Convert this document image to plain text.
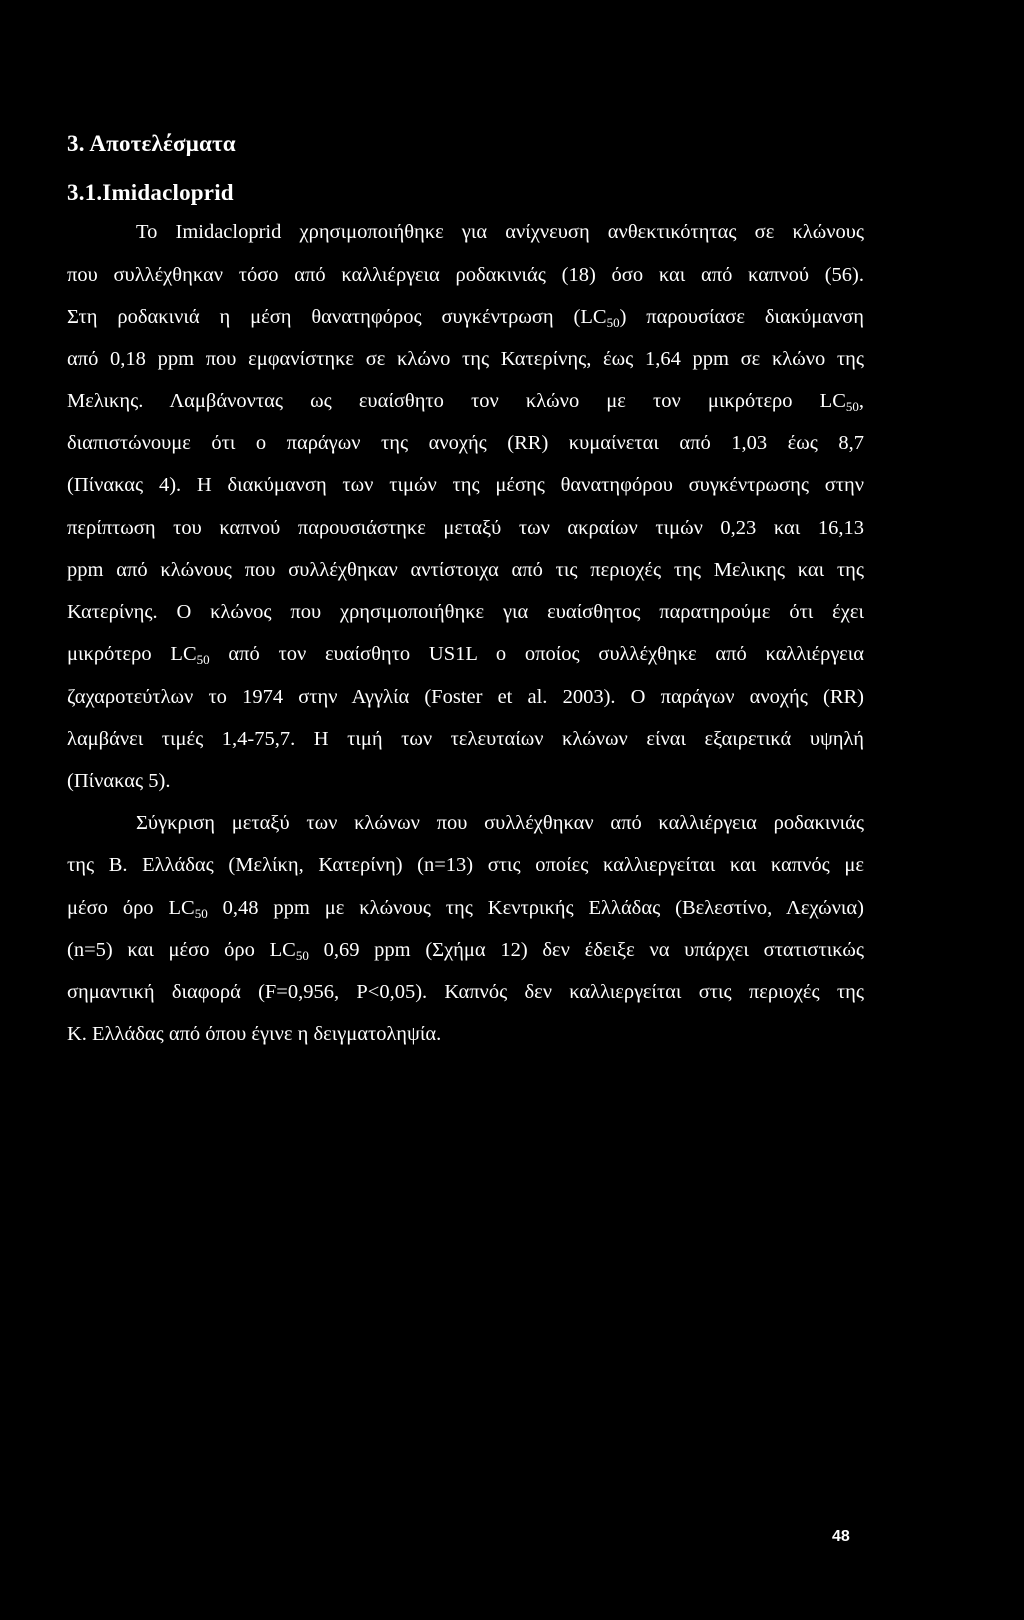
3. Αποτελέσματα
3.1.Imidacloprid
Το Imidacloprid χρησιμοποιήθηκε για ανίχνευση ανθεκτικότητας σε κλώνους
που συλλέχθηκαν τόσο από καλλιέργεια ροδακινιάς (18) όσο και από καπνού (56).
Στη ροδακινιά η μέση θανατηφόρος συγκέντρωση $(LC_{50})$ παρουσίασε διακύμανση
από 0,18 ppm που εμφανίστηκε σε κλώνο της Κατερίνης, έως 1,64 ppm σε κλώνο της
Μελικης. Λαμβάνοντας ως ευαίσθητο τον κλώνο με τον μικρότερο $LC_{50}$,
διαπιστώνουμε ότι ο παράγων της ανοχής (RR) κυμαίνεται από 1,03 έως 8,7
(Πίνακας 4). Η διακύμανση των τιμών της μέσης θανατηφόρου συγκέντρωσης στην
περίπτωση του καπνού παρουσιάστηκε μεταξύ των ακραίων τιμών 0,23 και 16,13
ppm από κλώνους που συλλέχθηκαν αντίστοιχα από τις περιοχές της Μελικης και της
Κατερίνης. Ο κλώνος που χρησιμοποιήθηκε για ευαίσθητος παρατηρούμε ότι έχει
μικρότερο $LC_{50}$ από τον ευαίσθητο US1L ο οποίος συλλέχθηκε από καλλιέργεια
ζαχαροτεύτλων το 1974 στην Αγγλία (Foster et al. 2003). Ο παράγων ανοχής (RR)
λαμβάνει τιμές 1,4-75,7. Η τιμή των τελευταίων κλώνων είναι εξαιρετικά υψηλή
(Πίνακας 5).
Σύγκριση μεταξύ των κλώνων που συλλέχθηκαν από καλλιέργεια ροδακινιάς
της Β. Ελλάδας (Μελίκη, Κατερίνη) (n=13) στις οποίες καλλιεργείται και καπνός με
μέσο όρο $LC_{50}$ 0,48 ppm με κλώνους της Κεντρικής Ελλάδας (Βελεστίνο, Λεχώνια)
(n=5) και μέσο όρο $LC_{50}$ 0,69 ppm (Σχήμα 12) δεν έδειξε να υπάρχει στατιστικώς
σημαντική διαφορά (F=0,956, P<0,05). Καπνός δεν καλλιεργείται στις περιοχές της
Κ. Ελλάδας από όπου έγινε η δειγματοληψία.
48
